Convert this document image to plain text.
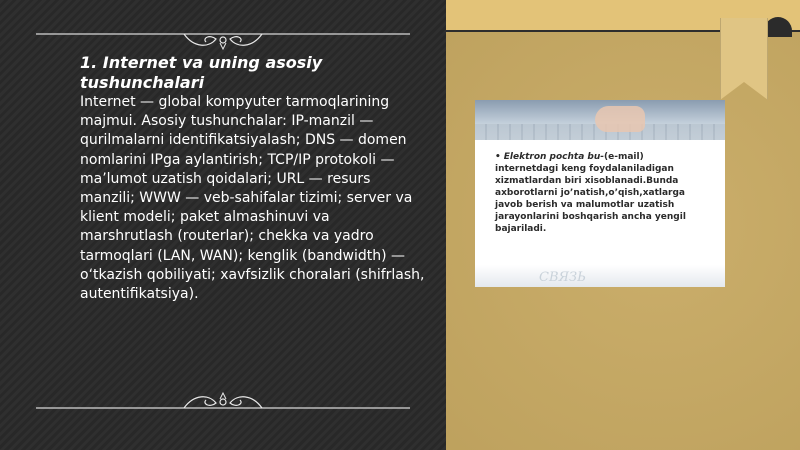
1. Internet va uning asosiy tushunchalari

Internet — global kompyuter tarmoqlarining majmui. Asosiy tushunchalar: IP-manzil — qurilmalarni identifikatsiyalash; DNS — domen nomlarini IPga aylantirish; TCP/IP protokoli — ma’lumot uzatish qoidalari; URL — resurs manzili; WWW — veb-sahifalar tizimi; server va klient modeli; paket almashinuvi va marshrutlash (routerlar); chekka va yadro tarmoqlari (LAN, WAN); kenglik (bandwidth) — o‘tkazish qobiliyati; xavfsizlik choralari (shifrlash, autentifikatsiya).

• Elektron pochta bu-(e-mail) internetdagi keng foydalaniladigan xizmatlardan biri xisoblanadi.Bunda axborotlarni jo’natish,o’qish,xatlarga javob berish va malumotlar uzatish jarayonlarini boshqarish ancha yengil bajariladi.

СВЯЗЬ
